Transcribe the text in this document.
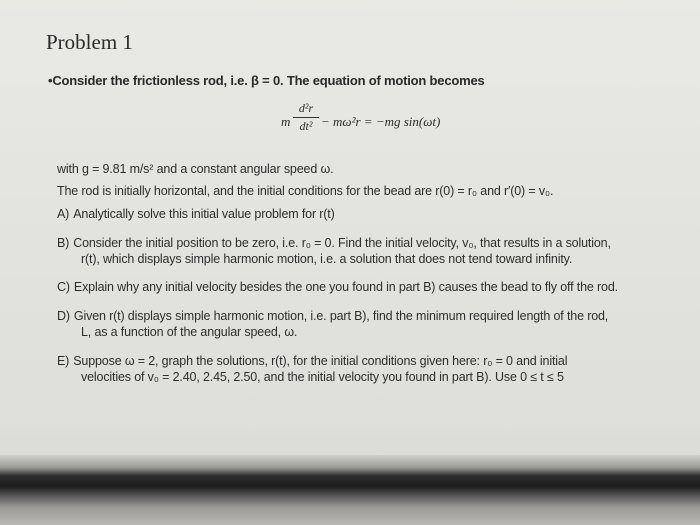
Problem 1
•Consider the frictionless rod, i.e. β = 0. The equation of motion becomes
m
d²r
dt² − mω²r = −mg sin(ωt)
with g = 9.81 m/s² and a constant angular speed ω.
The rod is initially horizontal, and the initial conditions for the bead are r(0) = r₀ and r′(0) = v₀.
A) Analytically solve this initial value problem for r(t)
B) Consider the initial position to be zero, i.e. r₀ = 0. Find the initial velocity, v₀, that results in a solution,
r(t), which displays simple harmonic motion, i.e. a solution that does not tend toward infinity.
C) Explain why any initial velocity besides the one you found in part B) causes the bead to fly off the rod.
D) Given r(t) displays simple harmonic motion, i.e. part B), find the minimum required length of the rod,
L, as a function of the angular speed, ω.
E) Suppose ω = 2, graph the solutions, r(t), for the initial conditions given here: r₀ = 0 and initial
velocities of v₀ = 2.40, 2.45, 2.50, and the initial velocity you found in part B). Use 0 ≤ t ≤ 5
